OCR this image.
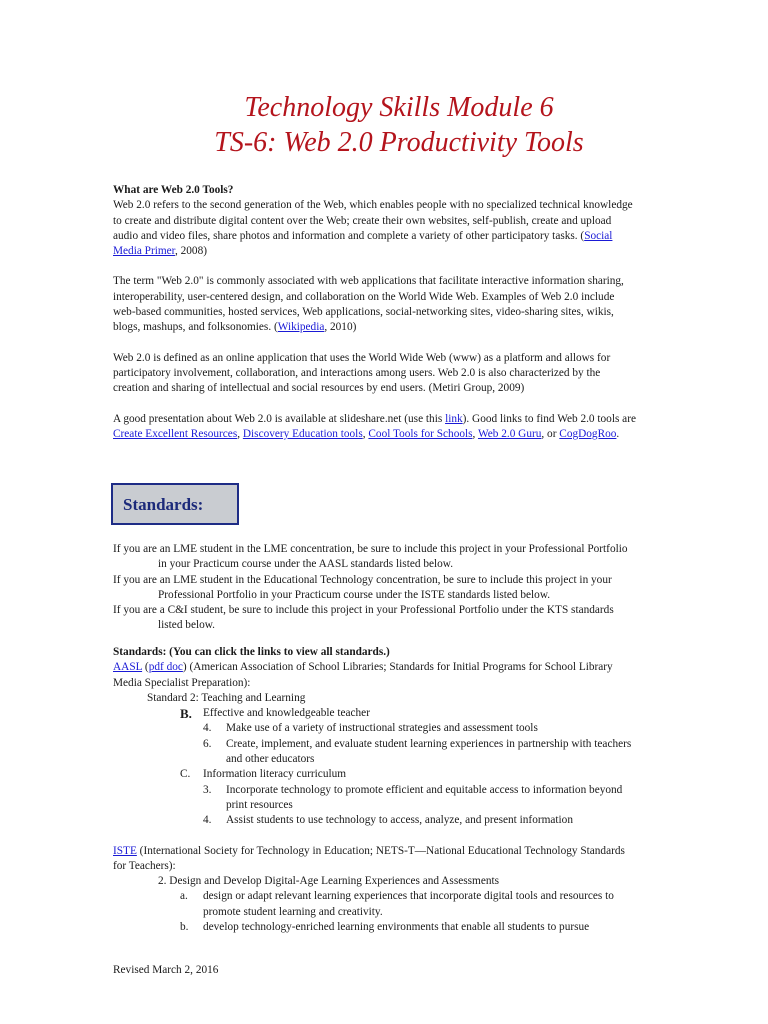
Technology Skills Module 6
TS-6: Web 2.0 Productivity Tools

What are Web 2.0 Tools?

Web 2.0 refers to the second generation of the Web, which enables people with no specialized technical knowledge to create and distribute digital content over the Web; create their own websites, self-publish, create and upload audio and video files, share photos and information and complete a variety of other participatory tasks. (Social Media Primer, 2008)

The term "Web 2.0" is commonly associated with web applications that facilitate interactive information sharing, interoperability, user-centered design, and collaboration on the World Wide Web. Examples of Web 2.0 include web-based communities, hosted services, Web applications, social-networking sites, video-sharing sites, wikis, blogs, mashups, and folksonomies. (Wikipedia, 2010)

Web 2.0 is defined as an online application that uses the World Wide Web (www) as a platform and allows for participatory involvement, collaboration, and interactions among users. Web 2.0 is also characterized by the creation and sharing of intellectual and social resources by end users. (Metiri Group, 2009)

A good presentation about Web 2.0 is available at slideshare.net (use this link). Good links to find Web 2.0 tools are Create Excellent Resources, Discovery Education tools, Cool Tools for Schools, Web 2.0 Guru, or CogDogRoo.

Standards:

If you are an LME student in the LME concentration, be sure to include this project in your Professional Portfolio in your Practicum course under the AASL standards listed below.

If you are an LME student in the Educational Technology concentration, be sure to include this project in your Professional Portfolio in your Practicum course under the ISTE standards listed below.

If you are a C&I student, be sure to include this project in your Professional Portfolio under the KTS standards listed below.

Standards: (You can click the links to view all standards.)

AASL (pdf doc) (American Association of School Libraries; Standards for Initial Programs for School Library Media Specialist Preparation):

Standard 2: Teaching and Learning

B. Effective and knowledgeable teacher
4. Make use of a variety of instructional strategies and assessment tools
6. Create, implement, and evaluate student learning experiences in partnership with teachers and other educators
C. Information literacy curriculum
3. Incorporate technology to promote efficient and equitable access to information beyond print resources
4. Assist students to use technology to access, analyze, and present information

ISTE (International Society for Technology in Education; NETS-T—National Educational Technology Standards for Teachers):

2. Design and Develop Digital-Age Learning Experiences and Assessments

a. design or adapt relevant learning experiences that incorporate digital tools and resources to promote student learning and creativity.
b. develop technology-enriched learning environments that enable all students to pursue
Revised March 2, 2016
